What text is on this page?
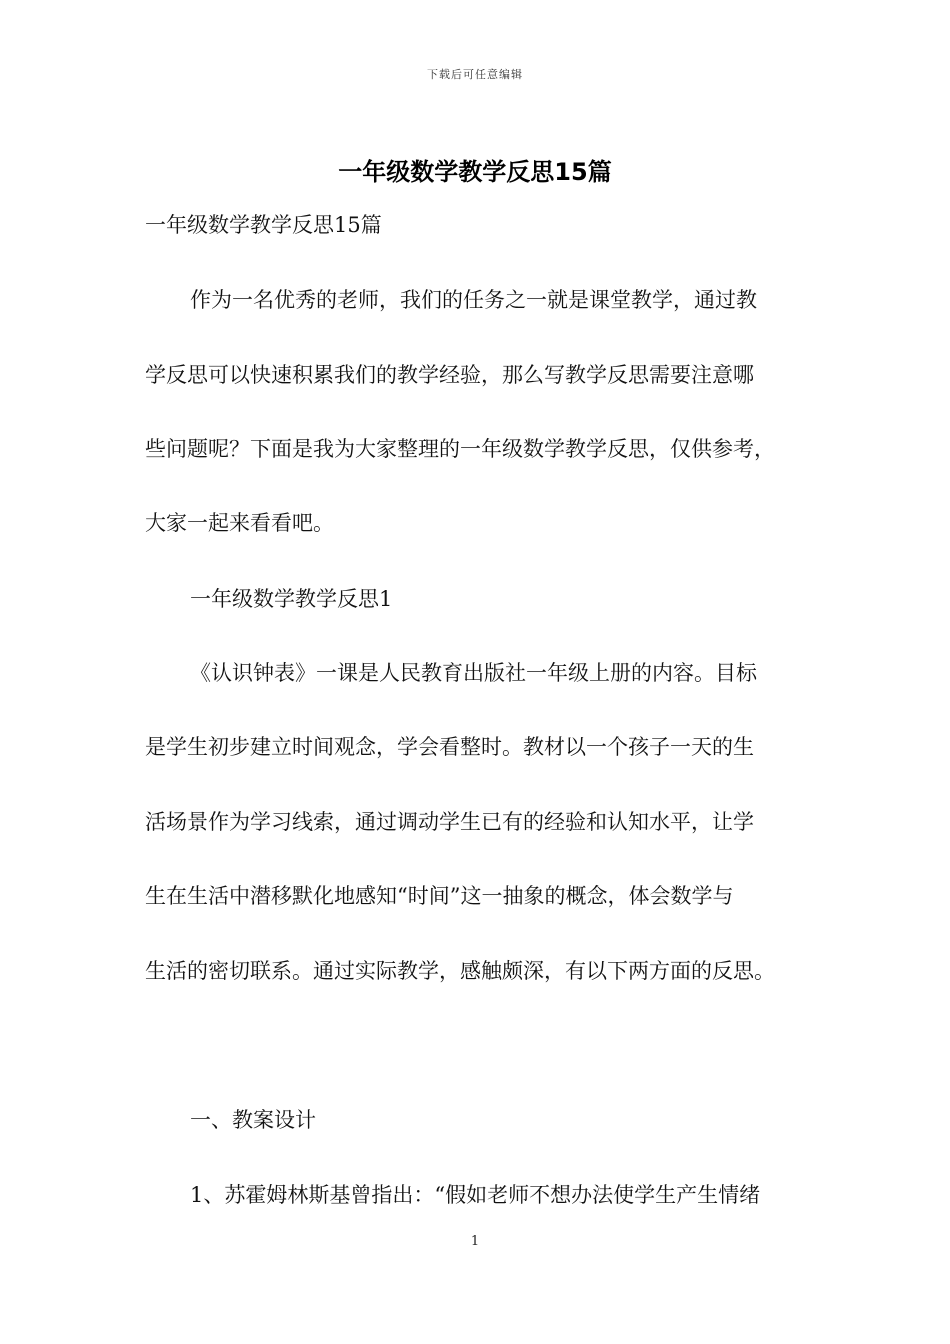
下载后可任意编辑
一年级数学教学反思15篇
一年级数学教学反思15篇
作为一名优秀的老师，我们的任务之一就是课堂教学，通过教
学反思可以快速积累我们的教学经验，那么写教学反思需要注意哪
些问题呢？下面是我为大家整理的一年级数学教学反思，仅供参考，
大家一起来看看吧。
一年级数学教学反思1
《认识钟表》一课是人民教育出版社一年级上册的内容。目标
是学生初步建立时间观念，学会看整时。教材以一个孩子一天的生
活场景作为学习线索，通过调动学生已有的经验和认知水平，让学
生在生活中潜移默化地感知“时间”这一抽象的概念，体会数学与
生活的密切联系。通过实际教学，感触颇深，有以下两方面的反思。
一、教案设计
1、苏霍姆林斯基曾指出：“假如老师不想办法使学生产生情绪
1
